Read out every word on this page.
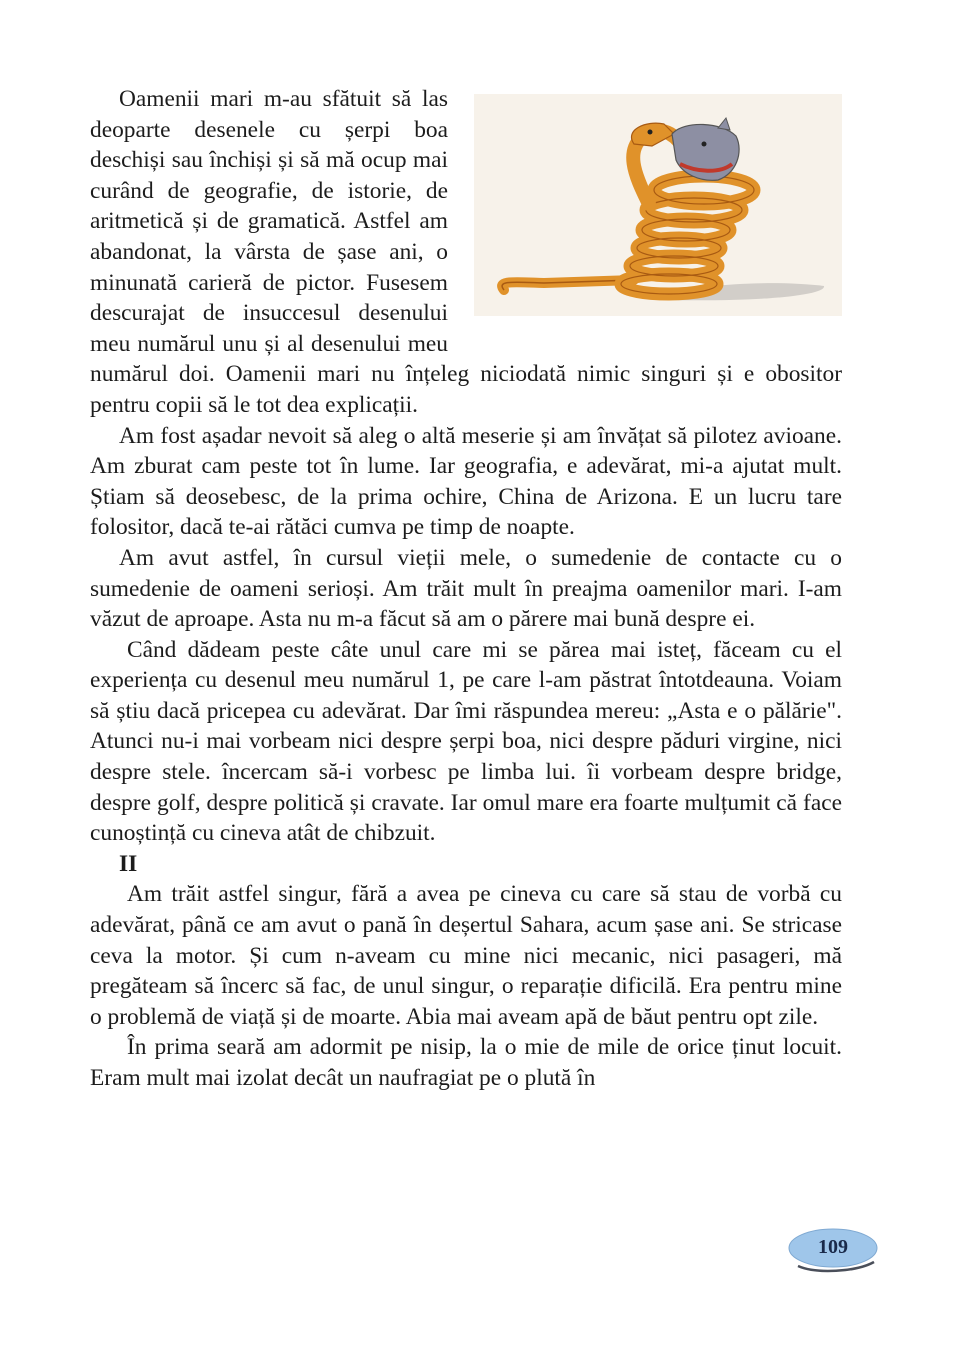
Oamenii mari m-au sfătuit să las deoparte desenele cu șerpi boa deschiși sau închiși și să mă ocup mai curând de geografie, de istorie, de aritmetică și de gramatică. Astfel am abandonat, la vârsta de șase ani, o minunată carieră de pictor. Fusesem descurajat de insuccesul desenului meu numărul unu și al desenului meu numărul doi. Oamenii mari nu înțeleg niciodată nimic singuri și e obositor pentru copii să le tot dea explicații.

Am fost așadar nevoit să aleg o altă meserie și am învățat să pilotez avioane. Am zburat cam peste tot în lume. Iar geografia, e adevărat, mi-a ajutat mult. Știam să deosebesc, de la prima ochire, China de Arizona. E un lucru tare folositor, dacă te-ai rătăci cumva pe timp de noapte.

Am avut astfel, în cursul vieții mele, o sumedenie de contacte cu o sumedenie de oameni serioși. Am trăit mult în preajma oamenilor mari. I-am văzut de aproape. Asta nu m-a făcut să am o părere mai bună despre ei.

Când dădeam peste câte unul care mi se părea mai isteț, făceam cu el experiența cu desenul meu numărul 1, pe care l-am păstrat întotdeauna. Voiam să știu dacă pricepea cu adevărat. Dar îmi răspundea mereu: „Asta e o pălărie". Atunci nu-i mai vorbeam nici despre șerpi boa, nici despre păduri virgine, nici despre stele. încercam să-i vorbesc pe limba lui. îi vorbeam despre bridge, despre golf, despre politică și cravate. Iar omul mare era foarte mulțumit că face cunoștință cu cineva atât de chibzuit.

II

Am trăit astfel singur, fără a avea pe cineva cu care să stau de vorbă cu adevărat, până ce am avut o pană în deșertul Sahara, acum șase ani. Se stricase ceva la motor. Și cum n-aveam cu mine nici mecanic, nici pasageri, mă pregăteam să încerc să fac, de unul singur, o reparație dificilă. Era pentru mine o problemă de viață și de moarte. Abia mai aveam apă de băut pentru opt zile.

În prima seară am adormit pe nisip, la o mie de mile de orice ținut locuit. Eram mult mai izolat decât un naufragiat pe o plută în

109
